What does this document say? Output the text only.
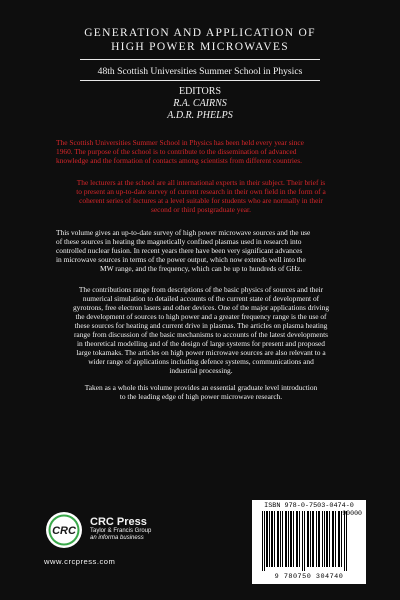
GENERATION AND APPLICATION OF
HIGH POWER MICROWAVES
48th Scottish Universities Summer School in Physics
EDITORS
R.A. CAIRNS
A.D.R. PHELPS
The Scottish Universities Summer School in Physics has been held every year since
1960. The purpose of the school is to contribute to the dissemination of advanced
knowledge and the formation of contacts among scientists from different countries.
The lecturers at the school are all international experts in their subject. Their brief is
to present an up-to-date survey of current research in their own field in the form of a
coherent series of lectures at a level suitable for students who are normally in their
second or third postgraduate year.
This volume gives an up-to-date survey of high power microwave sources and the use
of these sources in heating the magnetically confined plasmas used in research into
controlled nuclear fusion. In recent years there have been very significant advances
in microwave sources in terms of the power output, which now extends well into the
MW range, and the frequency, which can be up to hundreds of GHz.
The contributions range from descriptions of the basic physics of sources and their
numerical simulation to detailed accounts of the current state of development of
gyrotrons, free electron lasers and other devices. One of the major applications driving
the development of sources to high power and a greater frequency range is the use of
these sources for heating and current drive in plasmas. The articles on plasma heating
range from discussion of the basic mechanisms to accounts of the latest developments
in theoretical modelling and of the design of large systems for present and proposed
large tokamaks. The articles on high power microwave sources are also relevant to a
wider range of applications including defence systems, communications and
industrial processing.
Taken as a whole this volume provides an essential graduate level introduction
to the leading edge of high power microwave research.
CRC
CRC Press
Taylor & Francis Group
an informa business
www.crcpress.com
ISBN 978-0-7503-0474-0
90000
9 780750 304740
